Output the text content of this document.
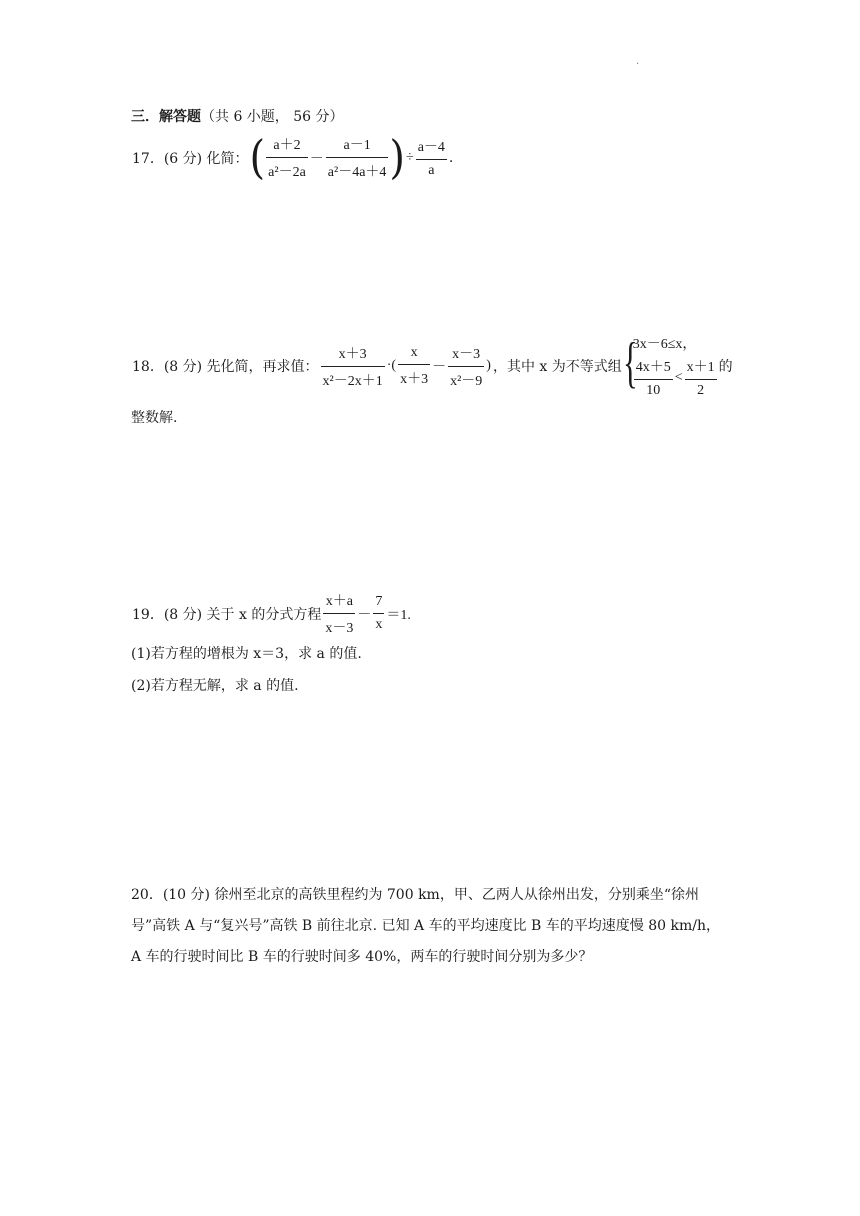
.
三．解答题（共 6 小题， 56 分）
17．(6 分) 化简：( $\frac{a+2}{\text{a²－2a}} - \frac{a-1}{\text{a²－4a＋4}}$ )÷ $\frac{a-4}{a}$ .
18．(8 分) 先化简，再求值： $\frac{x+3}{\text{x²－2x＋1}}$ ·( $\frac{x}{x+3} - \frac{x-3}{\text{x²－9}}$ ) ，其中 x 为不等式组 {
3x－6≤x，
$\frac{4x+5}{10} < \frac{x+1}{2}$ 的
整数解.
19．(8 分) 关于 x 的分式方程 $\frac{x+a}{x-3} - \frac{7}{x} =1$.
(1)若方程的增根为 x＝3，求 a 的值.
(2)若方程无解，求 a 的值.
20．(10 分) 徐州至北京的高铁里程约为 700 km，甲、乙两人从徐州出发，分别乘坐“徐州
号”高铁 A 与“复兴号”高铁 B 前往北京. 已知 A 车的平均速度比 B 车的平均速度慢 80 km/h，
A 车的行驶时间比 B 车的行驶时间多 40%，两车的行驶时间分别为多少？
